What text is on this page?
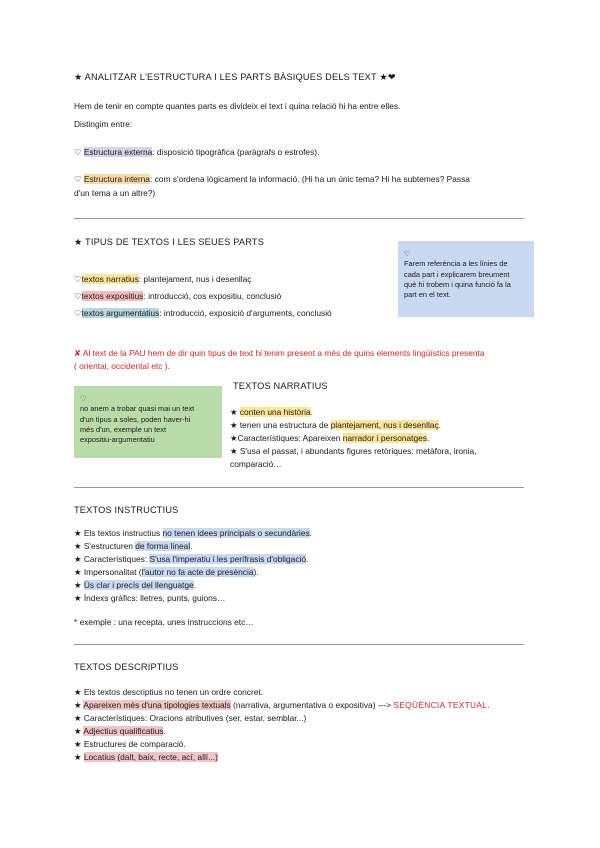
★ ANALITZAR L'ESTRUCTURA I LES PARTS BÀSIQUES DELS TEXT ★❤
Hem de tenir en compte quantes parts es divideix el text i quina relació hi ha entre elles.
Distingim entre:
♡ Estructura externa: disposició tipogràfica (paràgrafs o estrofes).
♡ Estructura interna: com s'ordena lògicament la informació. (Hi ha un únic tema? Hi ha subtemes? Passa
d'un tema a un altre?)
★ TIPUS DE TEXTOS I LES SEUES PARTS
♡textos narratius: plantejament, nus i desenllaç
♡textos expositius: introducció, cos expositiu, conclusió
♡textos argumentatius: introducció, exposició d'arguments, conclusió
♡
Farem referència a les línies de
cada part i explicarem breument
què hi trobem i quina funció fa la
part en el text.
✘ Al text de la PAU hem de dir quin tipus de text hi tenim present a més de quins elements lingüístics presenta
( oriental, occidental etc ).
♡
no anem a trobar quasi mai un text
d'un tipus a soles, poden haver-hi
més d'un, exemple un text
expositiu-argumentatiu
TEXTOS NARRATIUS
★ conten una història.
★ tenen una estructura de plantejament, nus i desenllaç.
★Característiques: Apareixen narrador i personatges.
★ S'usa el passat, i abundants figures retòriques: metàfora, ironia,
comparació…
TEXTOS INSTRUCTIUS
★ Els textos instructius no tenen idees principals o secundàries.
★ S'estructuren de forma lineal.
★ Característiques: S'usa l'imperatiu i les perífrasis d'obligació.
★ Impersonalitat (l'autor no fa acte de presència).
★ Ús clar i precís del llenguatge.
★ Índexs gràfics: lletres, punts, guions…
* exemple : una recepta, unes instruccions etc…
TEXTOS DESCRIPTIUS
★ Els textos descriptius no tenen un ordre concret.
★ Apareixen més d'una tipologies textuals (narrativa, argumentativa o expositiva) ---> SEQÜÈNCIA TEXTUAL.
★ Característiques: Oracions atributives (ser, estar, semblar...)
★ Adjectius qualificatius.
★ Estructures de comparació.
★ Locatius (dalt, baix, recte, ací, allí...)
